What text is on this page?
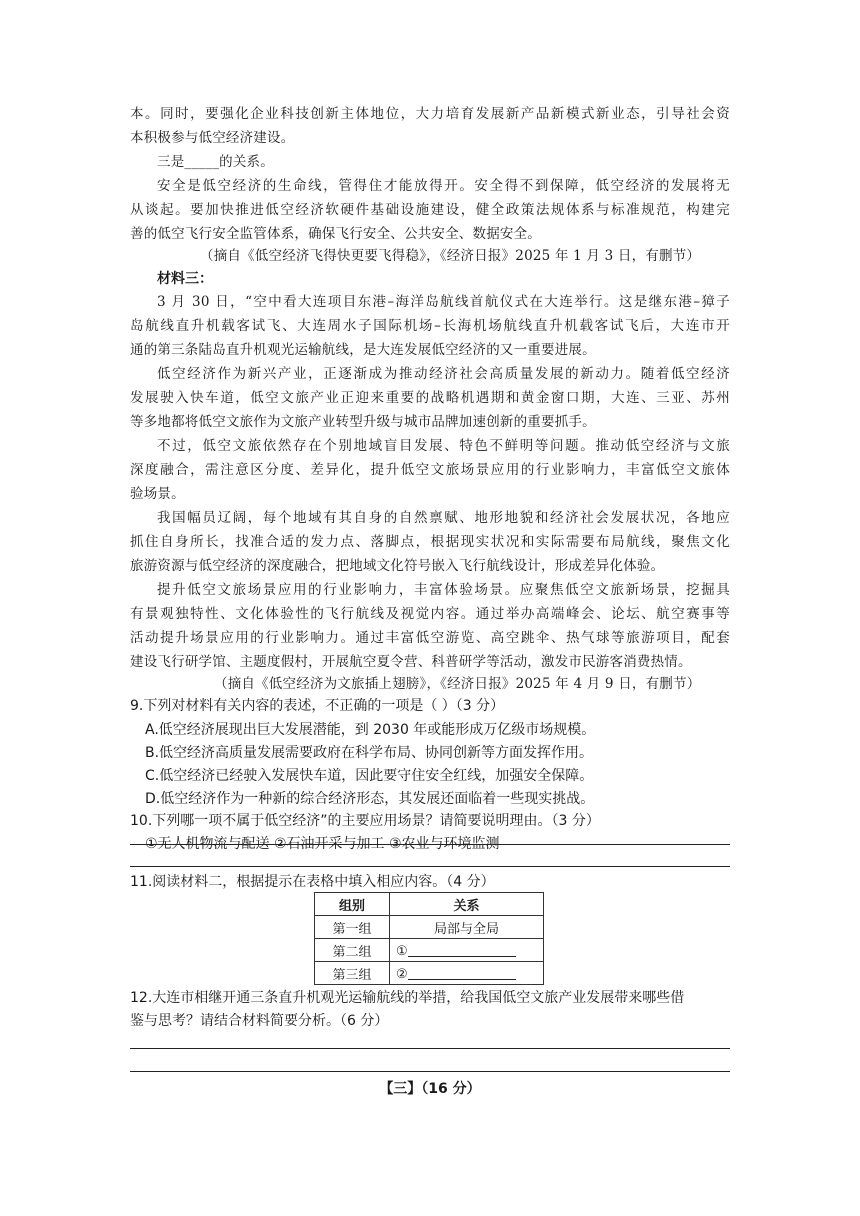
本。同时，要强化企业科技创新主体地位，大力培育发展新产品新模式新业态，引导社会资
本积极参与低空经济建设。
三是_____的关系。
安全是低空经济的生命线，管得住才能放得开。安全得不到保障，低空经济的发展将无
从谈起。要加快推进低空经济软硬件基础设施建设，健全政策法规体系与标准规范，构建完
善的低空飞行安全监管体系，确保飞行安全、公共安全、数据安全。
（摘自《低空经济飞得快更要飞得稳》，《经济日报》2025 年 1 月 3 日，有删节）
材料三：
3 月 30 日，“空中看大连项目东港–海洋岛航线首航仪式在大连举行。这是继东港–獐子
岛航线直升机载客试飞、大连周水子国际机场–长海机场航线直升机载客试飞后，大连市开
通的第三条陆岛直升机观光运输航线，是大连发展低空经济的又一重要进展。
低空经济作为新兴产业，正逐渐成为推动经济社会高质量发展的新动力。随着低空经济
发展驶入快车道，低空文旅产业正迎来重要的战略机遇期和黄金窗口期，大连、三亚、苏州
等多地都将低空文旅作为文旅产业转型升级与城市品牌加速创新的重要抓手。
不过，低空文旅依然存在个别地域盲目发展、特色不鲜明等问题。推动低空经济与文旅
深度融合，需注意区分度、差异化，提升低空文旅场景应用的行业影响力，丰富低空文旅体
验场景。
我国幅员辽阔，每个地域有其自身的自然禀赋、地形地貌和经济社会发展状况，各地应
抓住自身所长，找准合适的发力点、落脚点，根据现实状况和实际需要布局航线，聚焦文化
旅游资源与低空经济的深度融合，把地域文化符号嵌入飞行航线设计，形成差异化体验。
提升低空文旅场景应用的行业影响力，丰富体验场景。应聚焦低空文旅新场景，挖掘具
有景观独特性、文化体验性的飞行航线及视觉内容。通过举办高端峰会、论坛、航空赛事等
活动提升场景应用的行业影响力。通过丰富低空游览、高空跳伞、热气球等旅游项目，配套
建设飞行研学馆、主题度假村，开展航空夏令营、科普研学等活动，激发市民游客消费热情。
（摘自《低空经济为文旅插上翅膀》，《经济日报》2025 年 4 月 9 日，有删节）
9.下列对材料有关内容的表述，不正确的一项是（ ）（3 分）
A.低空经济展现出巨大发展潜能，到 2030 年或能形成万亿级市场规模。
B.低空经济高质量发展需要政府在科学布局、协同创新等方面发挥作用。
C.低空经济已经驶入发展快车道，因此要守住安全红线，加强安全保障。
D.低空经济作为一种新的综合经济形态，其发展还面临着一些现实挑战。
10.下列哪一项不属于低空经济”的主要应用场景？请简要说明理由。（3 分）
①无人机物流与配送 ②石油开采与加工 ③农业与环境监测
11.阅读材料二，根据提示在表格中填入相应内容。（4 分）
组别	关系
第一组	局部与全局
第二组	①
第三组	②
12.大连市相继开通三条直升机观光运输航线的举措，给我国低空文旅产业发展带来哪些借
鉴与思考？请结合材料简要分析。（6 分）
【三】（16 分）
